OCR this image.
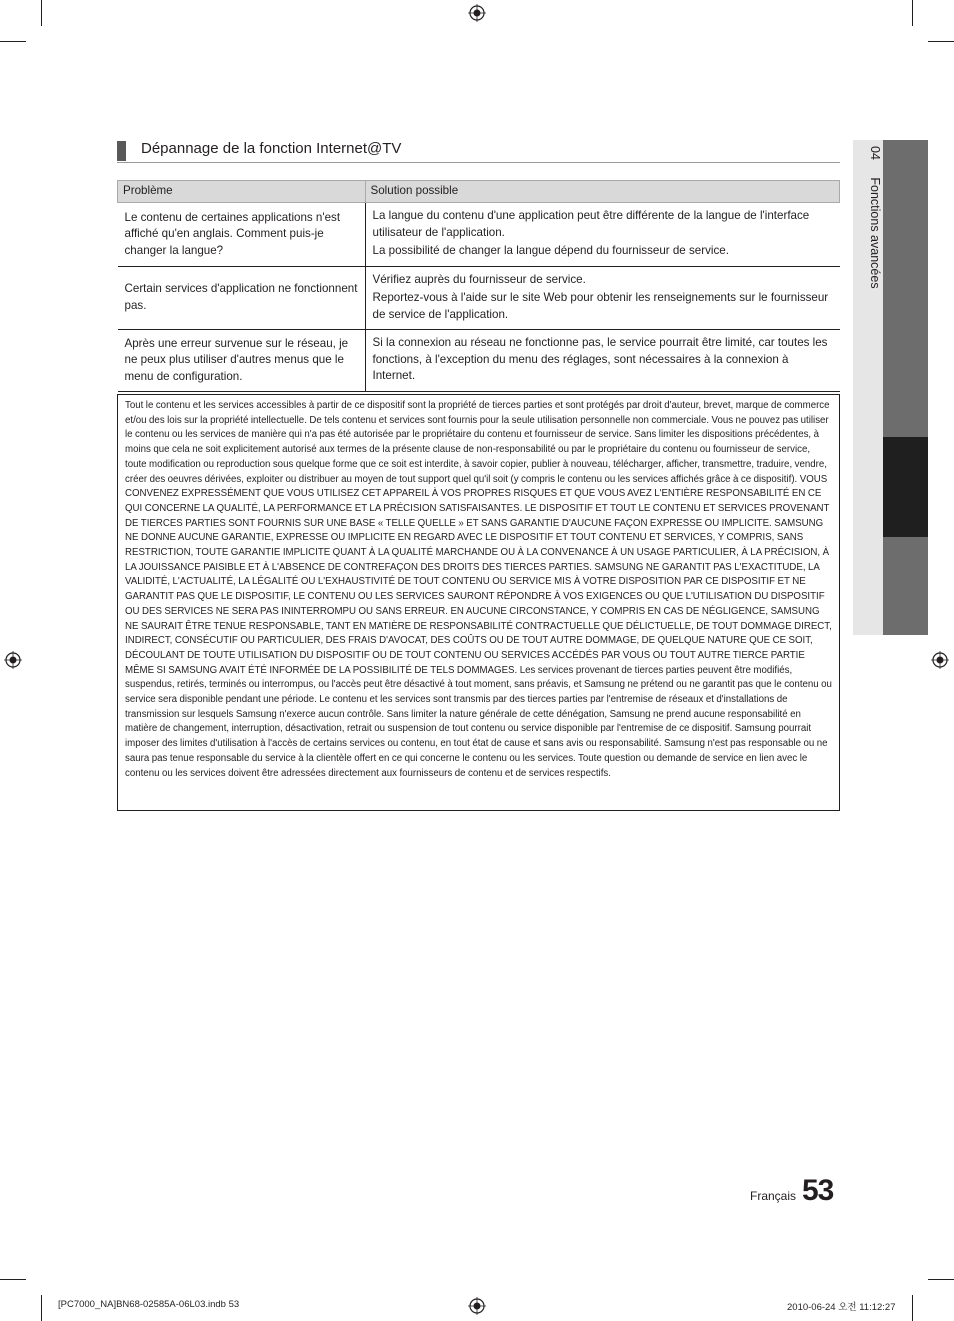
04 Fonctions avancées
Dépannage de la fonction Internet@TV
Problème	Solution possible
Le contenu de certaines applications n'est affiché qu'en anglais. Comment puis-je changer la langue?	La langue du contenu d'une application peut être différente de la langue de l'interface utilisateur de l'application.
La possibilité de changer la langue dépend du fournisseur de service.

Certain services d'application ne fonctionnent pas.	Vérifiez auprès du fournisseur de service.
Reportez-vous à l'aide sur le site Web pour obtenir les renseignements sur le fournisseur de service de l'application.

Après une erreur survenue sur le réseau, je ne peux plus utiliser d'autres menus que le menu de configuration.	Si la connexion au réseau ne fonctionne pas, le service pourrait être limité, car toutes les fonctions, à l'exception du menu des réglages, sont nécessaires à la connexion à Internet.
Tout le contenu et les services accessibles à partir de ce dispositif sont la propriété de tierces parties et sont protégés par droit d'auteur, brevet, marque de commerce et/ou des lois sur la propriété intellectuelle. De tels contenu et services sont fournis pour la seule utilisation personnelle non commerciale. Vous ne pouvez pas utiliser le contenu ou les services de manière qui n'a pas été autorisée par le propriétaire du contenu et fournisseur de service. Sans limiter les dispositions précédentes, à moins que cela ne soit explicitement autorisé aux termes de la présente clause de non-responsabilité ou par le propriétaire du contenu ou fournisseur de service, toute modification ou reproduction sous quelque forme que ce soit est interdite, à savoir copier, publier à nouveau, télécharger, afficher, transmettre, traduire, vendre, créer des oeuvres dérivées, exploiter ou distribuer au moyen de tout support quel qu'il soit (y compris le contenu ou les services affichés grâce à ce dispositif). VOUS CONVENEZ EXPRESSÉMENT QUE VOUS UTILISEZ CET APPAREIL À VOS PROPRES RISQUES ET QUE VOUS AVEZ L'ENTIÈRE RESPONSABILITÉ EN CE QUI CONCERNE LA QUALITÉ, LA PERFORMANCE ET LA PRÉCISION SATISFAISANTES. LE DISPOSITIF ET TOUT LE CONTENU ET SERVICES PROVENANT DE TIERCES PARTIES SONT FOURNIS SUR UNE BASE « TELLE QUELLE » ET SANS GARANTIE D'AUCUNE FAÇON EXPRESSE OU IMPLICITE. SAMSUNG NE DONNE AUCUNE GARANTIE, EXPRESSE OU IMPLICITE EN REGARD AVEC LE DISPOSITIF ET TOUT CONTENU ET SERVICES, Y COMPRIS, SANS RESTRICTION, TOUTE GARANTIE IMPLICITE QUANT À LA QUALITÉ MARCHANDE OU À LA CONVENANCE À UN USAGE PARTICULIER, À LA PRÉCISION, À LA JOUISSANCE PAISIBLE ET À L'ABSENCE DE CONTREFAÇON DES DROITS DES TIERCES PARTIES. SAMSUNG NE GARANTIT PAS L'EXACTITUDE, LA VALIDITÉ, L'ACTUALITÉ, LA LÉGALITÉ OU L'EXHAUSTIVITÉ DE TOUT CONTENU OU SERVICE MIS À VOTRE DISPOSITION PAR CE DISPOSITIF ET NE GARANTIT PAS QUE LE DISPOSITIF, LE CONTENU OU LES SERVICES SAURONT RÉPONDRE À VOS EXIGENCES OU QUE L'UTILISATION DU DISPOSITIF OU DES SERVICES NE SERA PAS ININTERROMPU OU SANS ERREUR. EN AUCUNE CIRCONSTANCE, Y COMPRIS EN CAS DE NÉGLIGENCE, SAMSUNG NE SAURAIT ÊTRE TENUE RESPONSABLE, TANT EN MATIÈRE DE RESPONSABILITÉ CONTRACTUELLE QUE DÉLICTUELLE, DE TOUT DOMMAGE DIRECT, INDIRECT, CONSÉCUTIF OU PARTICULIER, DES FRAIS D'AVOCAT, DES COÛTS OU DE TOUT AUTRE DOMMAGE, DE QUELQUE NATURE QUE CE SOIT, DÉCOULANT DE TOUTE UTILISATION DU DISPOSITIF OU DE TOUT CONTENU OU SERVICES ACCÉDÉS PAR VOUS OU TOUT AUTRE TIERCE PARTIE MÊME SI SAMSUNG AVAIT ÉTÉ INFORMÉE DE LA POSSIBILITÉ DE TELS DOMMAGES. Les services provenant de tierces parties peuvent être modifiés, suspendus, retirés, terminés ou interrompus, ou l'accès peut être désactivé à tout moment, sans préavis, et Samsung ne prétend ou ne garantit pas que le contenu ou service sera disponible pendant une période. Le contenu et les services sont transmis par des tierces parties par l'entremise de réseaux et d'installations de transmission sur lesquels Samsung n'exerce aucun contrôle. Sans limiter la nature générale de cette dénégation, Samsung ne prend aucune responsabilité en matière de changement, interruption, désactivation, retrait ou suspension de tout contenu ou service disponible par l'entremise de ce dispositif. Samsung pourrait imposer des limites d'utilisation à l'accès de certains services ou contenu, en tout état de cause et sans avis ou responsabilité. Samsung n'est pas responsable ou ne saura pas tenue responsable du service à la clientèle offert en ce qui concerne le contenu ou les services. Toute question ou demande de service en lien avec le contenu ou les services doivent être adressées directement aux fournisseurs de contenu et de services respectifs.
Français 53
[PC7000_NA]BN68-02585A-06L03.indb 53	2010-06-24 오전 11:12:27
